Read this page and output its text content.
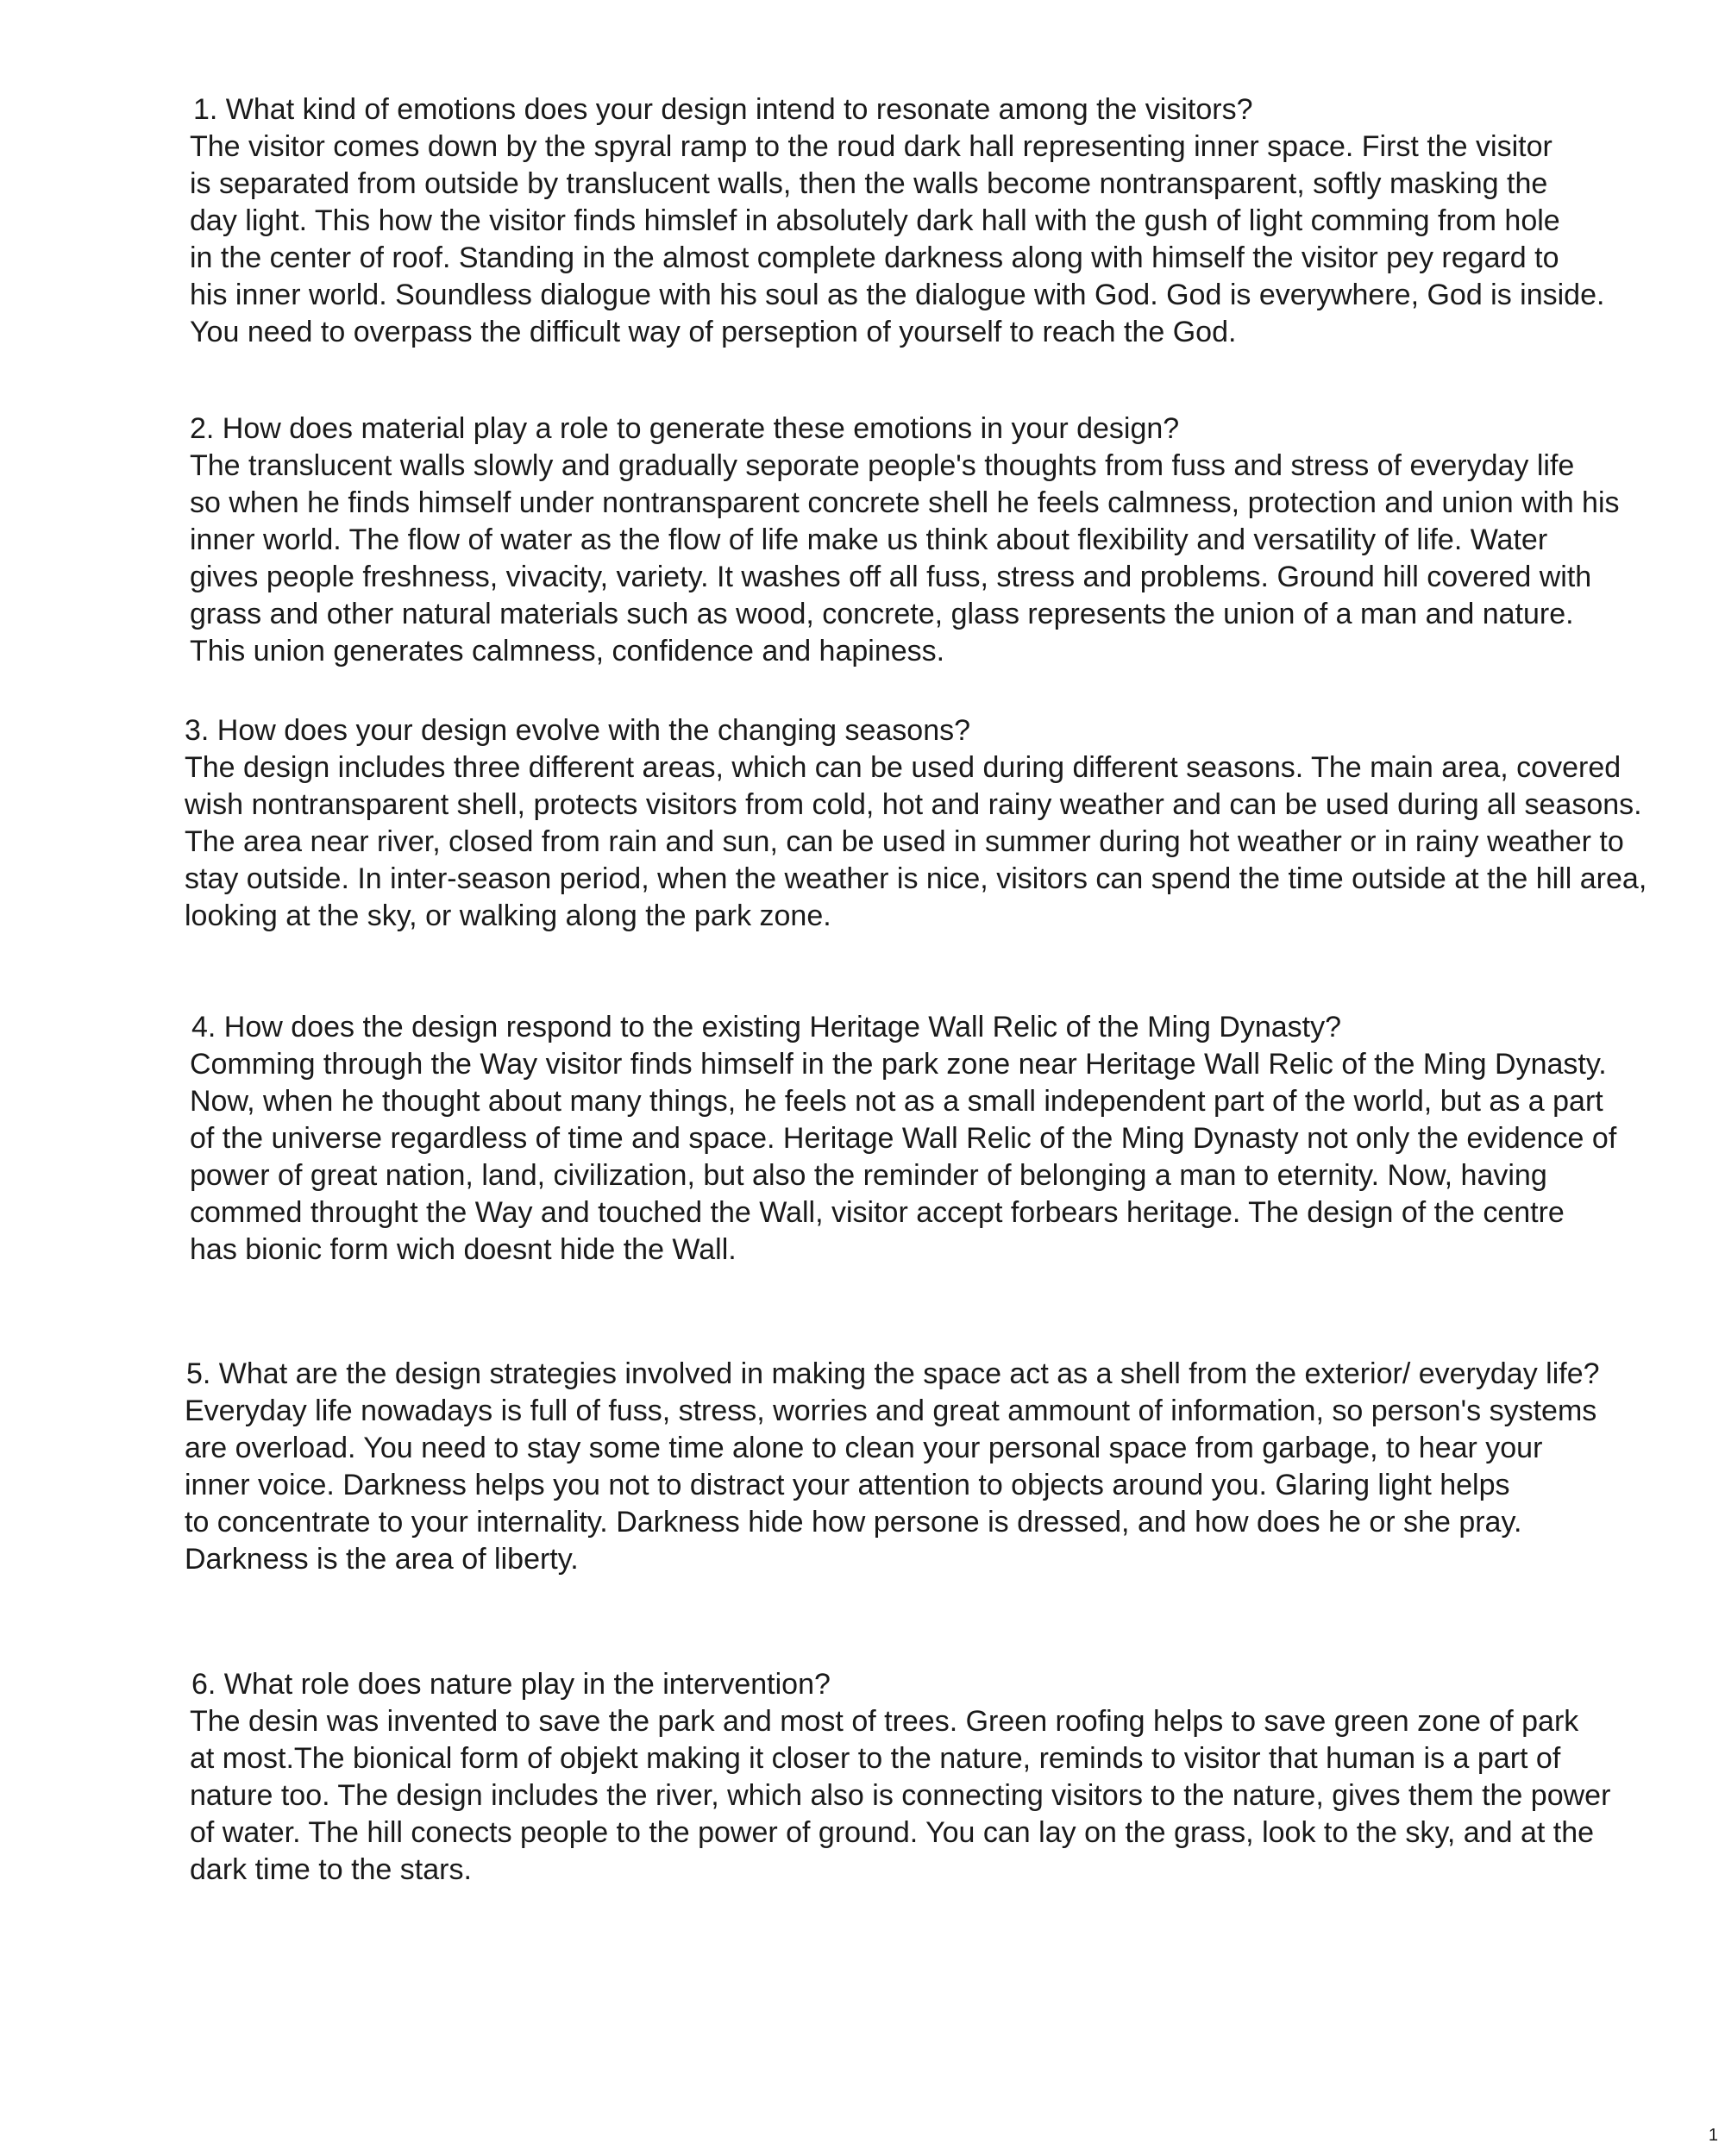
1. What kind of emotions does your design intend to resonate among the visitors?
The visitor comes down by the spyral ramp to the roud dark hall representing inner space. First the visitor
is separated from outside by translucent walls, then the walls become nontransparent, softly masking the
day light. This how the visitor finds himslef in absolutely dark hall with the gush of light comming from hole
in the center of roof. Standing in the almost complete darkness along with himself the visitor pey regard to
his inner world. Soundless dialogue with his soul as the dialogue with God. God is everywhere, God is inside.
You need to overpass the difficult way of perseption of yourself to reach the God.
2. How does material play a role to generate these emotions in your design?
The translucent walls slowly and gradually seporate people's thoughts from fuss and stress of everyday life
so when he finds himself under nontransparent concrete shell he feels calmness, protection and union with his
inner world. The flow of water as the flow of life make us think about flexibility and versatility of life. Water
gives people freshness, vivacity, variety. It washes off all fuss, stress and problems. Ground hill covered with
grass and other natural materials such as wood, concrete, glass represents the union of a man and nature.
This union generates calmness, confidence and hapiness.
3. How does your design evolve with the changing seasons?
The design includes three different areas, which can be used during different seasons. The main area, covered
wish nontransparent shell, protects visitors from cold, hot and rainy weather and can be used during all seasons.
The area near river, closed from rain and sun, can be used in summer during hot weather or in rainy weather to
stay outside. In inter-season period, when the weather is nice, visitors can spend the time outside at the hill area,
looking at the sky, or walking along the park zone.
4. How does the design respond to the existing Heritage Wall Relic of the Ming Dynasty?
Comming through the Way visitor finds himself in the park zone near Heritage Wall Relic of the Ming Dynasty.
Now, when he thought about many things, he feels not as a small independent part of the world, but as a part
of the universe regardless of time and space. Heritage Wall Relic of the Ming Dynasty not only the evidence of
power of great nation, land, civilization, but also the reminder of belonging a man to eternity. Now, having
commed throught the Way and touched the Wall, visitor accept forbears heritage. The design of the centre
has bionic form wich doesnt hide the Wall.
5. What are the design strategies involved in making the space act as a shell from the exterior/ everyday life?
Everyday life nowadays is full of fuss, stress, worries and great ammount of information, so person's systems
are overload. You need to stay some time alone to clean your personal space from garbage, to hear your
inner voice. Darkness helps you not to distract your attention to objects around you. Glaring light helps
to concentrate to your internality. Darkness hide how persone is dressed, and how does he or she pray.
Darkness is the area of liberty.
6. What role does nature play in the intervention?
The desin was invented to save the park and most of trees. Green roofing helps to save green zone of park
at most.The bionical form of objekt making it closer to the nature, reminds to visitor that human is a part of
nature too. The design includes the river, which also is connecting visitors to the nature, gives them the power
of water. The hill conects people to the power of ground. You can lay on the grass, look to the sky, and at the
dark time to the stars.
1
